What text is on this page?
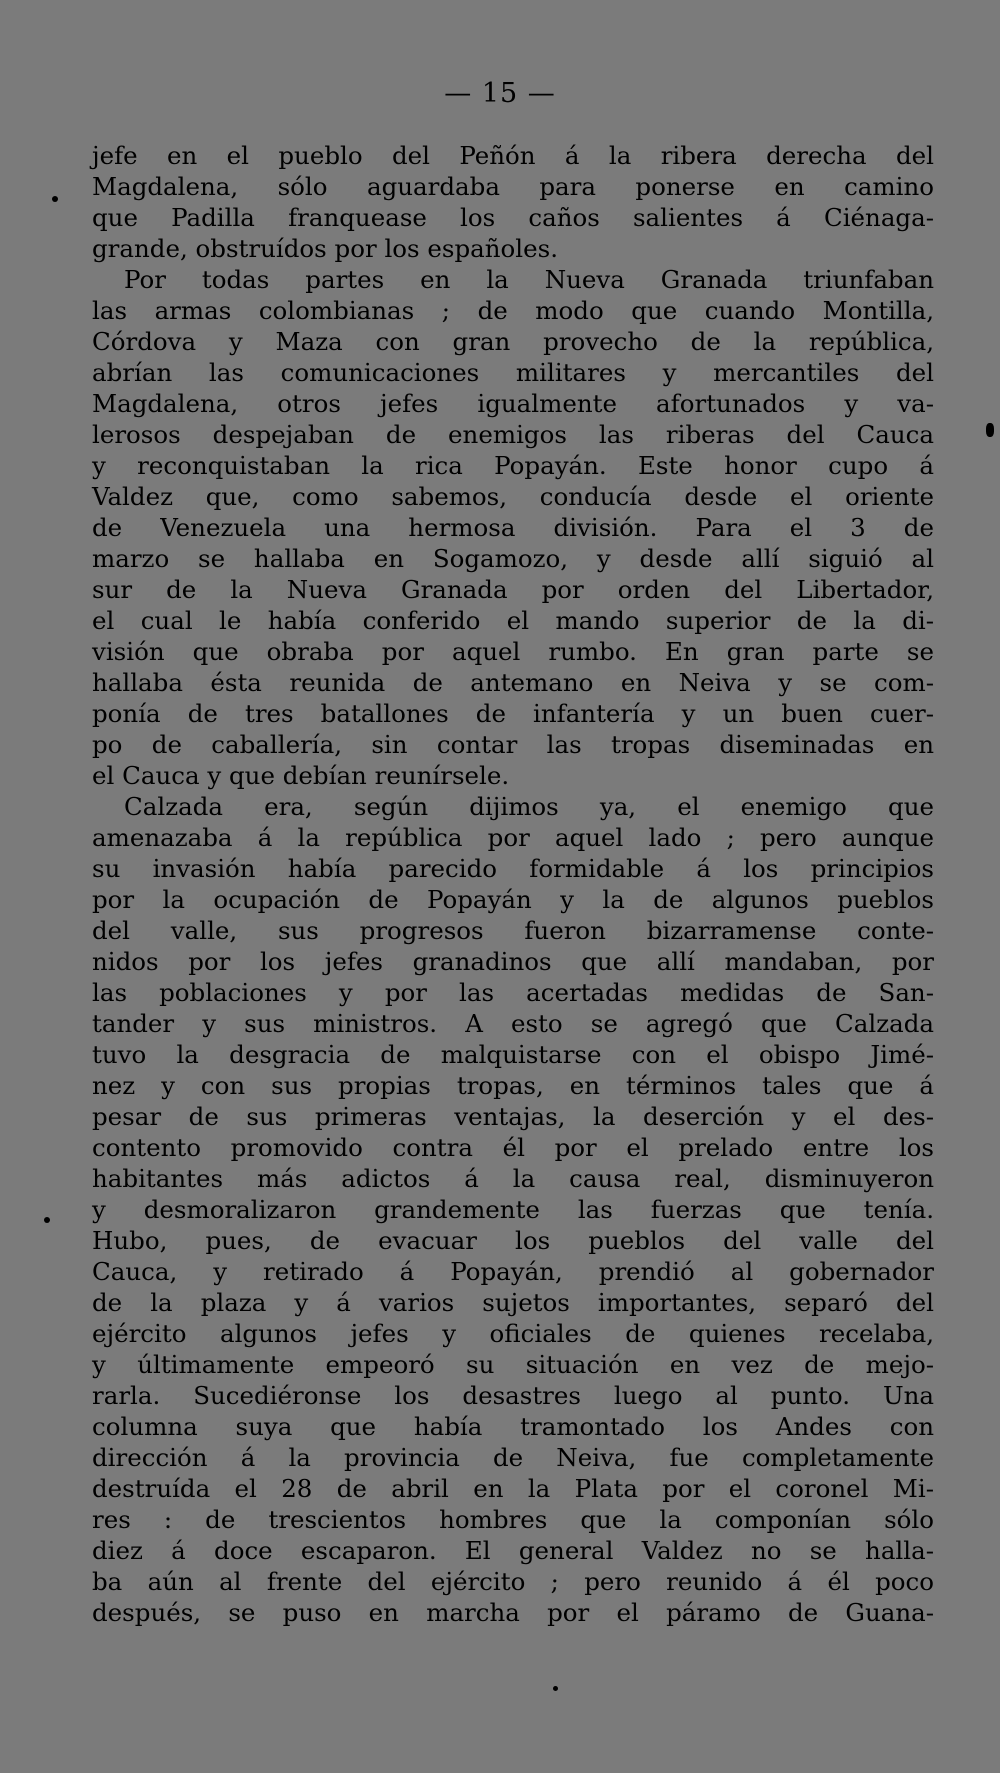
— 15 —
jefe en el pueblo del Peñón á la ribera derecha del
Magdalena, sólo aguardaba para ponerse en camino
que Padilla franquease los caños salientes á Ciénaga-
grande, obstruídos por los españoles.
Por todas partes en la Nueva Granada triunfaban
las armas colombianas ; de modo que cuando Montilla,
Córdova y Maza con gran provecho de la república,
abrían las comunicaciones militares y mercantiles del
Magdalena, otros jefes igualmente afortunados y va-
lerosos despejaban de enemigos las riberas del Cauca
y reconquistaban la rica Popayán. Este honor cupo á
Valdez que, como sabemos, conducía desde el oriente
de Venezuela una hermosa división. Para el 3 de
marzo se hallaba en Sogamozo, y desde allí siguió al
sur de la Nueva Granada por orden del Libertador,
el cual le había conferido el mando superior de la di-
visión que obraba por aquel rumbo. En gran parte se
hallaba ésta reunida de antemano en Neiva y se com-
ponía de tres batallones de infantería y un buen cuer-
po de caballería, sin contar las tropas diseminadas en
el Cauca y que debían reunírsele.
Calzada era, según dijimos ya, el enemigo que
amenazaba á la república por aquel lado ; pero aunque
su invasión había parecido formidable á los principios
por la ocupación de Popayán y la de algunos pueblos
del valle, sus progresos fueron bizarramense conte-
nidos por los jefes granadinos que allí mandaban, por
las poblaciones y por las acertadas medidas de San-
tander y sus ministros. A esto se agregó que Calzada
tuvo la desgracia de malquistarse con el obispo Jimé-
nez y con sus propias tropas, en términos tales que á
pesar de sus primeras ventajas, la deserción y el des-
contento promovido contra él por el prelado entre los
habitantes más adictos á la causa real, disminuyeron
y desmoralizaron grandemente las fuerzas que tenía.
Hubo, pues, de evacuar los pueblos del valle del
Cauca, y retirado á Popayán, prendió al gobernador
de la plaza y á varios sujetos importantes, separó del
ejército algunos jefes y oficiales de quienes recelaba,
y últimamente empeoró su situación en vez de mejo-
rarla. Sucediéronse los desastres luego al punto. Una
columna suya que había tramontado los Andes con
dirección á la provincia de Neiva, fue completamente
destruída el 28 de abril en la Plata por el coronel Mi-
res : de trescientos hombres que la componían sólo
diez á doce escaparon. El general Valdez no se halla-
ba aún al frente del ejército ; pero reunido á él poco
después, se puso en marcha por el páramo de Guana-
